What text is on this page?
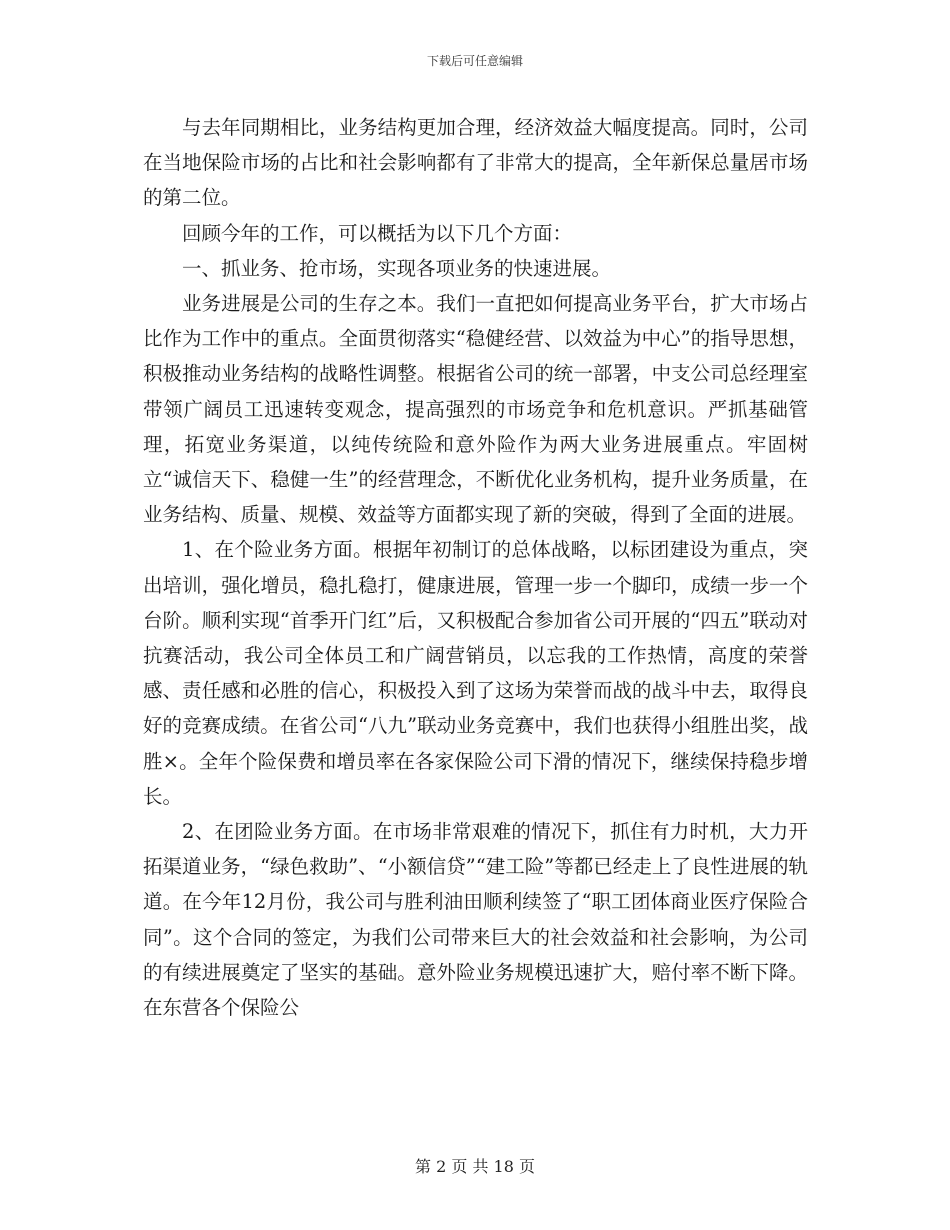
下载后可任意编辑

与去年同期相比，业务结构更加合理，经济效益大幅度提高。同时，公司在当地保险市场的占比和社会影响都有了非常大的提高，全年新保总量居市场的第二位。

回顾今年的工作，可以概括为以下几个方面：

一、抓业务、抢市场，实现各项业务的快速进展。

业务进展是公司的生存之本。我们一直把如何提高业务平台，扩大市场占比作为工作中的重点。全面贯彻落实“稳健经营、以效益为中心”的指导思想，积极推动业务结构的战略性调整。根据省公司的统一部署，中支公司总经理室带领广阔员工迅速转变观念，提高强烈的市场竞争和危机意识。严抓基础管理，拓宽业务渠道，以纯传统险和意外险作为两大业务进展重点。牢固树立“诚信天下、稳健一生”的经营理念，不断优化业务机构，提升业务质量，在业务结构、质量、规模、效益等方面都实现了新的突破，得到了全面的进展。

1、在个险业务方面。根据年初制订的总体战略，以标团建设为重点，突出培训，强化增员，稳扎稳打，健康进展，管理一步一个脚印，成绩一步一个台阶。顺利实现“首季开门红”后，又积极配合参加省公司开展的“四五”联动对抗赛活动，我公司全体员工和广阔营销员，以忘我的工作热情，高度的荣誉感、责任感和必胜的信心，积极投入到了这场为荣誉而战的战斗中去，取得良好的竞赛成绩。在省公司“八九”联动业务竞赛中，我们也获得小组胜出奖，战胜×。全年个险保费和增员率在各家保险公司下滑的情况下，继续保持稳步增长。

2、在团险业务方面。在市场非常艰难的情况下，抓住有力时机，大力开拓渠道业务，“绿色救助”、“小额信贷”“建工险”等都已经走上了良性进展的轨道。在今年12月份，我公司与胜利油田顺利续签了“职工团体商业医疗保险合同”。这个合同的签定，为我们公司带来巨大的社会效益和社会影响，为公司的有续进展奠定了坚实的基础。意外险业务规模迅速扩大，赔付率不断下降。在东营各个保险公

第 2 页 共 18 页
